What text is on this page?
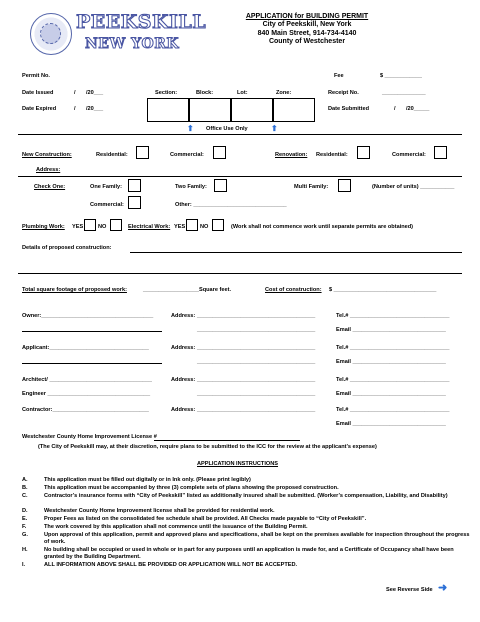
PEEKSKILL
NEW YORK
APPLICATION for BUILDING PERMIT
City of Peekskill, New York
840 Main Street, 914-734-4140
County of Westchester
Permit No.	Fee	$ ____________
Date Issued	/ /20___	Section:	Block:	Lot:	Zone:	Receipt No.	______________
Date Expired	/ /20___	Date Submitted	/ /20_____
⬆ Office Use Only	⬆
New Construction:	Residential:	Commercial:	Renovation: Residential:	Commercial:
Address:
Check One:	One Family:	Two Family:	Multi Family:	(Number of units) ___________
Commercial:	Other: ______________________________
Plumbing Work: YES	NO	Electrical Work: YES	NO	(Work shall not commence work until separate permits are obtained)
Details of proposed construction:
Total square footage of proposed work:	__________________Square feet.	Cost of construction: $ _________________________________
Owner:____________________________________	Address: ______________________________________
______________________________________
Tel.# ________________________________
Email ______________________________
Applicant:________________________________	Address: ______________________________________
______________________________________
Tel.# ________________________________
Email ______________________________
Architect/ _________________________________
Engineer _________________________________
Address: ______________________________________
______________________________________
Tel.# ________________________________
Email ______________________________
Contractor:_______________________________	Address: ______________________________________	Tel.# ________________________________
Email ______________________________
Westchester County Home Improvement License #
(The City of Peekskill may, at their discretion, require plans to be submitted to the ICC for the review at the applicant’s expense)
APPLICATION INSTRUCTIONS
A.	This application must be filled out digitally or in Ink only. (Please print legibly)
B.	This application must be accompanied by three (3) complete sets of plans showing the proposed construction.
C.	Contractor’s insurance forms with “City of Peekskill” listed as additionally insured shall be submitted. (Worker’s compensation, Liability, and Disability)
D.	Westchester County Home Improvement license shall be provided for residential work.
E.	Proper Fees as listed on the consolidated fee schedule shall be provided. All Checks made payable to “City of Peekskill”.
F.	The work covered by this application shall not commence until the issuance of the Building Permit.
G.	Upon approval of this application, permit and approved plans and specifications, shall be kept on the premises available for inspection throughout the progress of work.
H.	No building shall be occupied or used in whole or in part for any purposes until an application is made for, and a Certificate of Occupancy shall have been granted by the Building Department.
I.	ALL INFORMATION ABOVE SHALL BE PROVIDED OR APPLICATION WILL NOT BE ACCEPTED.
See Reverse Side ➜
